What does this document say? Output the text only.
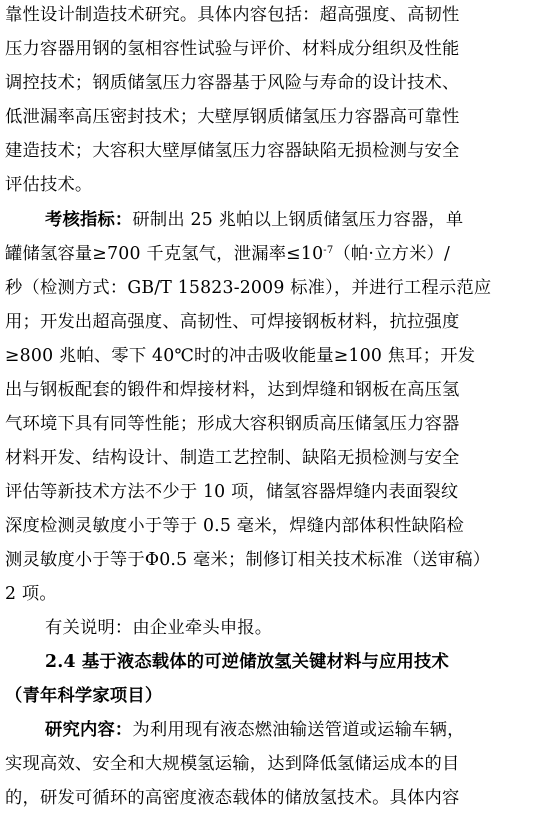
靠性设计制造技术研究。具体内容包括：超高强度、高韧性
压力容器用钢的氢相容性试验与评价、材料成分组织及性能
调控技术；钢质储氢压力容器基于风险与寿命的设计技术、
低泄漏率高压密封技术；大壁厚钢质储氢压力容器高可靠性
建造技术；大容积大壁厚储氢压力容器缺陷无损检测与安全
评估技术。
考核指标：研制出 25 兆帕以上钢质储氢压力容器，单
罐储氢容量≥700 千克氢气，泄漏率$\le 10^{-7}$（帕·立方米）/
秒（检测方式：GB/T 15823-2009 标准），并进行工程示范应
用；开发出超高强度、高韧性、可焊接钢板材料，抗拉强度
≥800 兆帕、零下 40℃时的冲击吸收能量≥100 焦耳；开发
出与钢板配套的锻件和焊接材料，达到焊缝和钢板在高压氢
气环境下具有同等性能；形成大容积钢质高压储氢压力容器
材料开发、结构设计、制造工艺控制、缺陷无损检测与安全
评估等新技术方法不少于 10 项，储氢容器焊缝内表面裂纹
深度检测灵敏度小于等于 0.5 毫米，焊缝内部体积性缺陷检
测灵敏度小于等于Φ0.5 毫米；制修订相关技术标准（送审稿）
2 项。
有关说明：由企业牵头申报。
2.4 基于液态载体的可逆储放氢关键材料与应用技术
（青年科学家项目）
研究内容：为利用现有液态燃油输送管道或运输车辆，
实现高效、安全和大规模氢运输，达到降低氢储运成本的目
的，研发可循环的高密度液态载体的储放氢技术。具体内容
